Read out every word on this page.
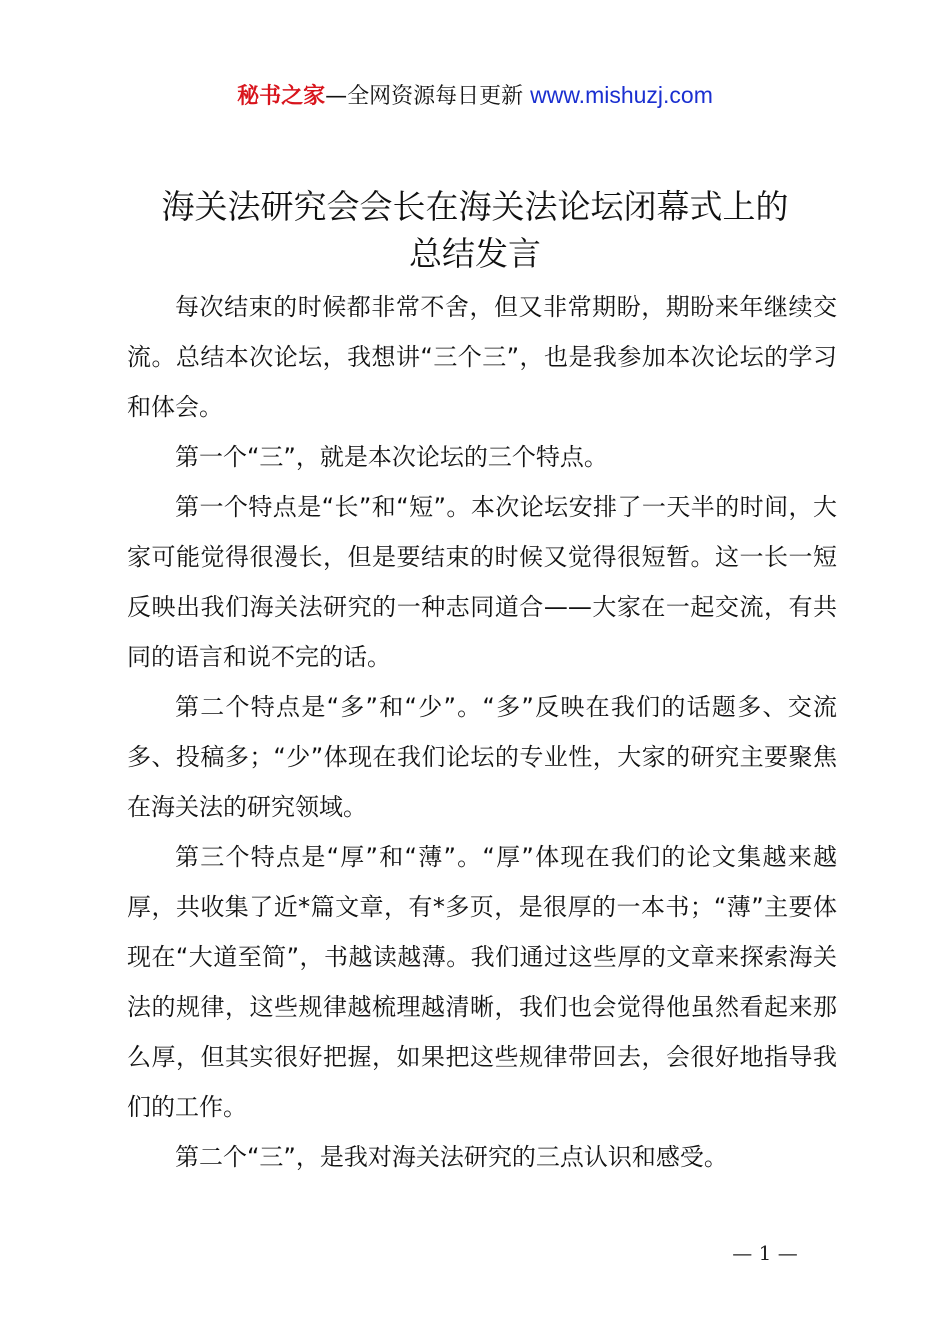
秘书之家—全网资源每日更新 www.mishuzj.com
海关法研究会会长在海关法论坛闭幕式上的
总结发言

每次结束的时候都非常不舍，但又非常期盼，期盼来年继续交流。总结本次论坛，我想讲“三个三”，也是我参加本次论坛的学习和体会。

第一个“三”，就是本次论坛的三个特点。

第一个特点是“长”和“短”。本次论坛安排了一天半的时间，大家可能觉得很漫长，但是要结束的时候又觉得很短暂。这一长一短反映出我们海关法研究的一种志同道合——大家在一起交流，有共同的语言和说不完的话。

第二个特点是“多”和“少”。“多”反映在我们的话题多、交流多、投稿多；“少”体现在我们论坛的专业性，大家的研究主要聚焦在海关法的研究领域。

第三个特点是“厚”和“薄”。“厚”体现在我们的论文集越来越厚，共收集了近*篇文章，有*多页，是很厚的一本书；“薄”主要体现在“大道至简”，书越读越薄。我们通过这些厚的文章来探索海关法的规律，这些规律越梳理越清晰，我们也会觉得他虽然看起来那么厚，但其实很好把握，如果把这些规律带回去，会很好地指导我们的工作。

第二个“三”，是我对海关法研究的三点认识和感受。

— 1 —
